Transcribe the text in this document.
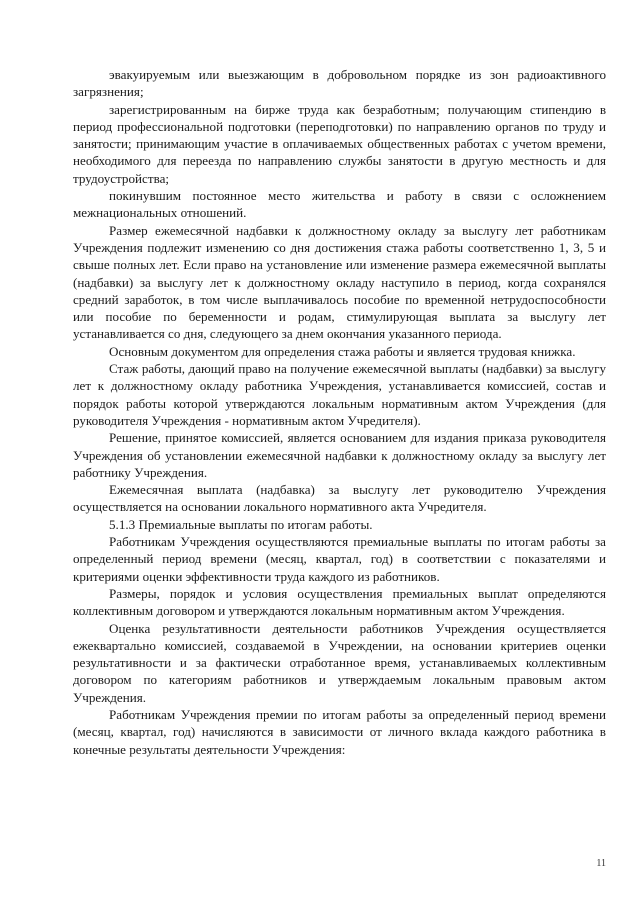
эвакуируемым или выезжающим в добровольном порядке из зон радиоактивного загрязнения;

зарегистрированным на бирже труда как безработным; получающим стипендию в период профессиональной подготовки (переподготовки) по направлению органов по труду и занятости; принимающим участие в оплачиваемых общественных работах с учетом времени, необходимого для переезда по направлению службы занятости в другую местность и для трудоустройства;

покинувшим постоянное место жительства и работу в связи с осложнением межнациональных отношений.

Размер ежемесячной надбавки к должностному окладу за выслугу лет работникам Учреждения подлежит изменению со дня достижения стажа работы соответственно 1, 3, 5 и свыше полных лет. Если право на установление или изменение размера ежемесячной выплаты (надбавки) за выслугу лет к должностному окладу наступило в период, когда сохранялся средний заработок, в том числе выплачивалось пособие по временной нетрудоспособности или пособие по беременности и родам, стимулирующая выплата за выслугу лет устанавливается со дня, следующего за днем окончания указанного периода.

Основным документом для определения стажа работы и является трудовая книжка.

Стаж работы, дающий право на получение ежемесячной выплаты (надбавки) за выслугу лет к должностному окладу работника Учреждения, устанавливается комиссией, состав и порядок работы которой утверждаются локальным нормативным актом Учреждения (для руководителя Учреждения - нормативным актом Учредителя).

Решение, принятое комиссией, является основанием для издания приказа руководителя Учреждения об установлении ежемесячной надбавки к должностному окладу за выслугу лет работнику Учреждения.

Ежемесячная выплата (надбавка) за выслугу лет руководителю Учреждения осуществляется на основании локального нормативного акта Учредителя.

5.1.3 Премиальные выплаты по итогам работы.

Работникам Учреждения осуществляются премиальные выплаты по итогам работы за определенный период времени (месяц, квартал, год) в соответствии с показателями и критериями оценки эффективности труда каждого из работников.

Размеры, порядок и условия осуществления премиальных выплат определяются коллективным договором и утверждаются локальным нормативным актом Учреждения.

Оценка результативности деятельности работников Учреждения осуществляется ежеквартально комиссией, создаваемой в Учреждении, на основании критериев оценки результативности и за фактически отработанное время, устанавливаемых коллективным договором по категориям работников и утверждаемым локальным правовым актом Учреждения.

Работникам Учреждения премии по итогам работы за определенный период времени (месяц, квартал, год) начисляются в зависимости от личного вклада каждого работника в конечные результаты деятельности Учреждения:

11
